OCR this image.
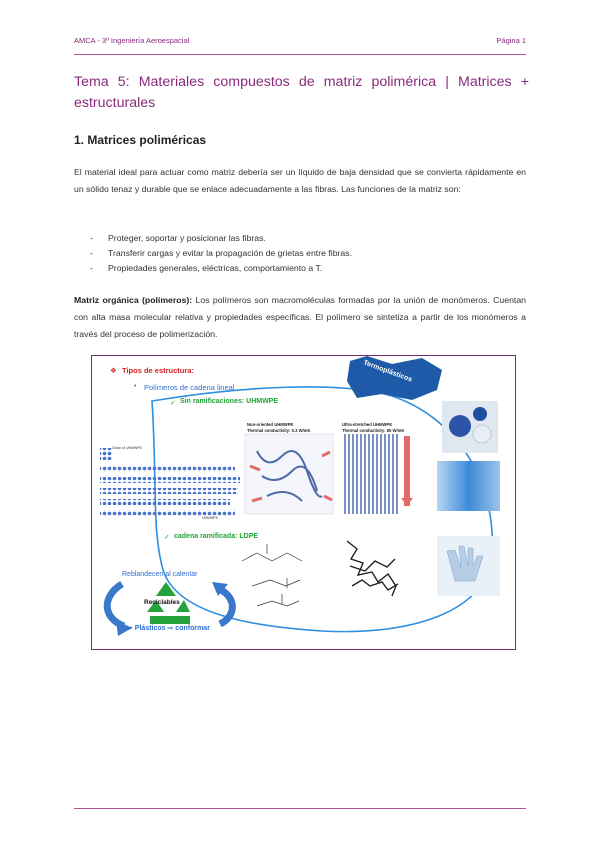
AMCA - 3º Ingeniería Aeroespacial	Página 1
Tema 5: Materiales compuestos de matriz polimérica | Matrices + estructurales
1. Matrices poliméricas
El material ideal para actuar como matriz debería ser un líquido de baja densidad que se convierta rápidamente en un sólido tenaz y durable que se enlace adecuadamente a las fibras. Las funciones de la matriz son:
- Proteger, soportar y posicionar las fibras.
- Transferir cargas y evitar la propagación de grietas entre fibras.
- Propiedades generales, eléctricas, comportamiento a T.
Matriz orgánica (polímeros): Los polímeros son macromoléculas formadas por la unión de monómeros. Cuentan con alta masa molecular relativa y propiedades específicas. El polímero se sintetiza a partir de los monómeros a través del proceso de polimerización.
✓
✓
❖ Tipos de estructura:
• Polímeros de cadena lineal
Sin ramificaciones: UHMWPE
Termoplásticos
Chain of UHMWPE
UHMWPE
Non-oriented UHMWPE
Thermal conductivity: 0.3 W/mK
Ultra-stretched UHMWPE
Thermal conductivity: 85 W/mK
cadena ramificada: LDPE
Reblandecen al calentar
Reciclables
⇨ Plásticos ⇨ conformar
